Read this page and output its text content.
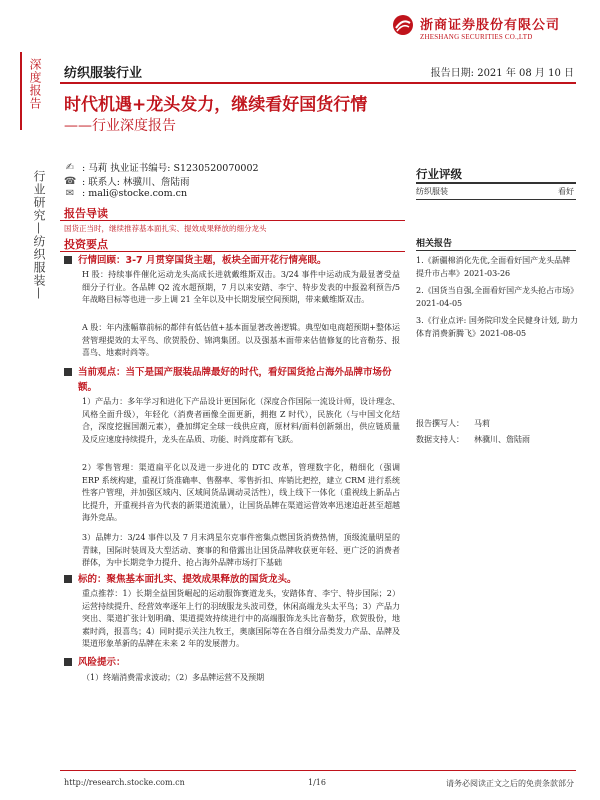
浙商证券股份有限公司
ZHESHANG SECURITIES CO.,LTD
深度报告
行业研究—纺织服装—
纺织服装行业	报告日期: 2021 年 08 月 10 日
时代机遇+龙头发力，继续看好国货行情
——行业深度报告
✍ : 马莉 执业证书编号: S1230520070002
☎ : 联系人: 林骥川、詹陆雨
✉ : mali@stocke.com.cn
报告导读
国货正当时，继续推荐基本面扎实、提效成果释放的细分龙头
投资要点
行情回顾：3-7 月贯穿国货主题，板块全面开花行情亮眼。
H 股：持续事件催化运动龙头高成长进就戴维斯双击。3/24 事件中运动成为最显著受益细分子行业。各品牌 Q2 流水超预期，7 月以来安踏、李宁、特步发表的中报盈利预告/5 年战略目标等也进一步上调 21 全年以及中长期发展空间预期，带来戴维斯双击。
A 股：年内涨幅靠前标的都伴有低估值+基本面显著改善逻辑。典型如电商超预期+整体运营管理提效的太平鸟、欣贺股份、锦鸿集团。以及强基本面带来估值修复的比音勒芬、报喜鸟、地素时尚等。
当前观点：当下是国产服装品牌最好的时代，看好国货抢占海外品牌市场份额。
1）产品力：多年学习和进化下产品设计更国际化（深度合作国际一流设计师，设计理念、风格全面升级），年轻化（消费者画像全面更新，拥抱 Z 时代），民族化（与中国文化结合，深度挖掘国潮元素），叠加绑定全球一线供应商，原材料/面料创新頻出，供应链质量及反应速度持续提升，龙头在品质、功能、时尚度都有飞跃。
2）零售管理：渠道扁平化以及进一步进化的 DTC 改革，管理数字化，精细化（强调 ERP 系统构建，重视订货准确率、售罄率、零售折扣、库销比把控，建立 CRM 进行系统性客户管理，并加强区域内、区域间货品调动灵活性），线上线下一体化（重视线上新品占比提升，开重视抖音为代表的新渠道流量），让国货品牌在渠道运营效率迅速追赶甚至超越海外竞品。
3）品牌力：3/24 事件以及 7 月末鸿星尔克事件密集点燃国货消费热情，顶级流量明星的青睐，国际时装周及大型活动、赛事的和借露出让国货品牌收获更年轻、更广泛的消费者群体，为中长期竞争力提升、抢占海外品牌市场打下基础
标的：聚焦基本面扎实、提效成果释放的国货龙头。
重点推荐：1）长期全益国货崛起的运动服饰赛道龙头，安踏体育、李宁、特步国际；2）运营持续提升、经营效率逐年上行的羽绒服龙头波司登，休闲高端龙头太平鸟；3）产品力突出、渠道扩张计划明确、渠道提效持续进行中的高端服饰龙头比音勒芬，欣贺股份，地素时尚，报喜鸟；4）同时提示关注九牧王，奥康国际等在各自细分品类发力产品、品牌及渠道形象革新的品牌在未来 2 年的发展潜力。
风险提示：
（1）终端消费需求波动；（2）多品牌运营不及预期
行业评级
纺织服装	看好
相关报告
1.《新疆棉消化先优,全面看好国产龙头品牌提升市占率》2021-03-26
2.《国货当自强,全面看好国产龙头抢占市场》2021-04-05
3.《行业点评: 国务院印发全民健身计划, 助力体育消费新腾飞》2021-08-05
报告撰写人： 马莉
数据支持人： 林骥川、詹陆雨
http://research.stocke.com.cn	1/16	请务必阅读正文之后的免责条款部分
